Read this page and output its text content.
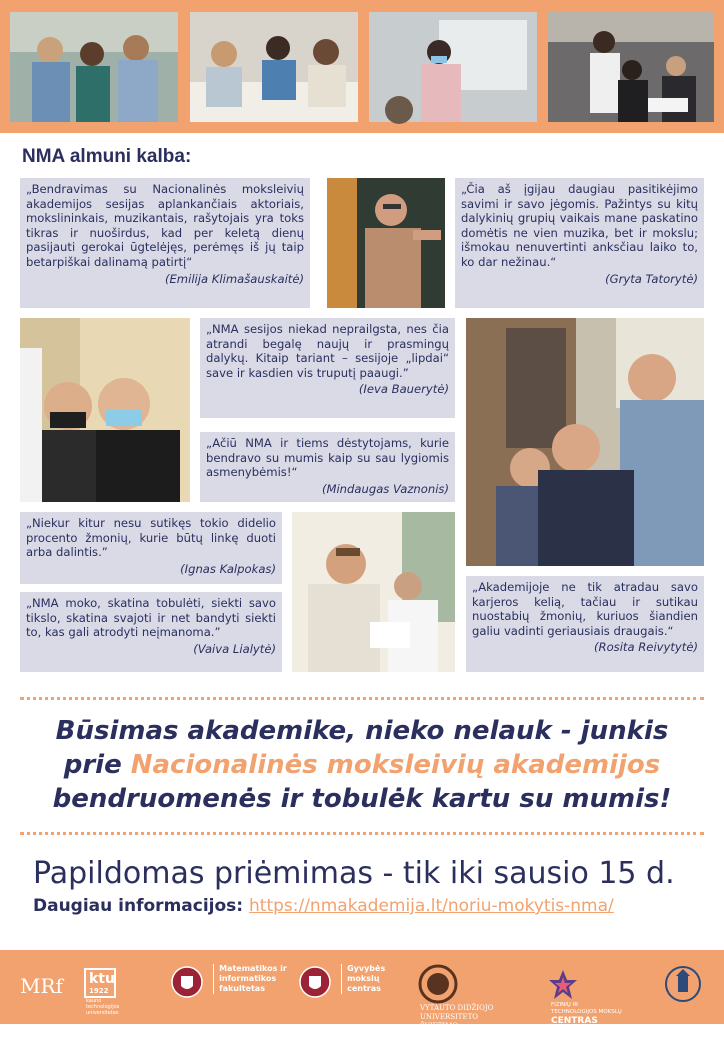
NMA almuni kalba:
„Bendravimas su Nacionalinės moksleivių akademijos sesijas aplankančiais aktoriais, mokslininkais, muzikantais, rašytojais yra toks tikras ir nuoširdus, kad per keletą dienų pasijauti gerokai ūgtelėjęs, perėmęs iš jų taip betarpiškai dalinamą patirtį“
(Emilija Klimašauskaitė)
„Čia aš įgijau daugiau pasitikėjimo savimi ir savo jėgomis. Pažintys su kitų dalykinių grupių vaikais mane paskatino domėtis ne vien muzika, bet ir mokslu; išmokau nenuvertinti anksčiau laiko to, ko dar nežinau.“
(Gryta Tatorytė)
„NMA sesijos niekad neprailgsta, nes čia atrandi begalę naujų ir prasmingų dalykų. Kitaip tariant – sesijoje „lipdai“ save ir kasdien vis truputį paaugi.”
(Ieva Bauerytė)
„Ačiū NMA ir tiems dėstytojams, kurie bendravo su mumis kaip su sau lygiomis asmenybėmis!“
(Mindaugas Vaznonis)
„Niekur kitur nesu sutikęs tokio didelio procento žmonių, kurie būtų linkę duoti arba dalintis.”
(Ignas Kalpokas)
„NMA moko, skatina tobulėti, siekti savo tikslo, skatina svajoti ir net bandyti siekti to, kas gali atrodyti neįmanoma.”
(Vaiva Lialytė)
„Akademijoje ne tik atradau savo karjeros kelią, tačiau ir sutikau nuostabių žmonių, kuriuos šiandien galiu vadinti geriausiais draugais.“
(Rosita Reivytytė)
Būsimas akademike, nieko nelauk - junkis
prie Nacionalinės moksleivių akademijos
bendruomenės ir tobulėk kartu su mumis!
Papildomas priėmimas - tik iki sausio 15 d.
Daugiau informacijos: https://nmakademija.lt/noriu-mokytis-nma/
MRf	ktu
1922
kauno technologijos universitetas
Matematikos ir informatikos fakultetas
Gyvybės mokslų centras
VYTAUTO DIDŽIOJO UNIVERSITETO ŠVIETIMO AKADEMIJA

FIZINIŲ IR TECHNOLOGIJOS MOKSLŲ
CENTRAS
